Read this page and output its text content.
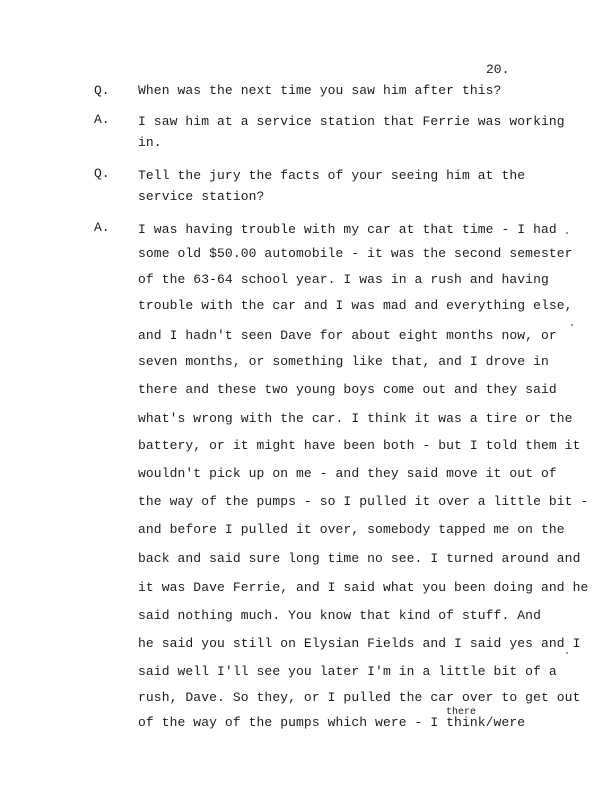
20.
Q. When was the next time you saw him after this?
A. I saw him at a service station that Ferrie was working
in.
Q. Tell the jury the facts of your seeing him at the
service station?
A. I was having trouble with my car at that time - I had
some old $50.00 automobile - it was the second semester
of the 63-64 school year. I was in a rush and having
trouble with the car and I was mad and everything else,
and I hadn't seen Dave for about eight months now, or
seven months, or something like that, and I drove in
there and these two young boys come out and they said
what's wrong with the car. I think it was a tire or the
battery, or it might have been both - but I told them it
wouldn't pick up on me - and they said move it out of
the way of the pumps - so I pulled it over a little bit -
and before I pulled it over, somebody tapped me on the
back and said sure long time no see. I turned around and
it was Dave Ferrie, and I said what you been doing and he
said nothing much. You know that kind of stuff. And
he said you still on Elysian Fields and I said yes and I
said well I'll see you later I'm in a little bit of a
rush, Dave. So they, or I pulled the car over to get out
of the way of the pumps which were - I think/were
there
